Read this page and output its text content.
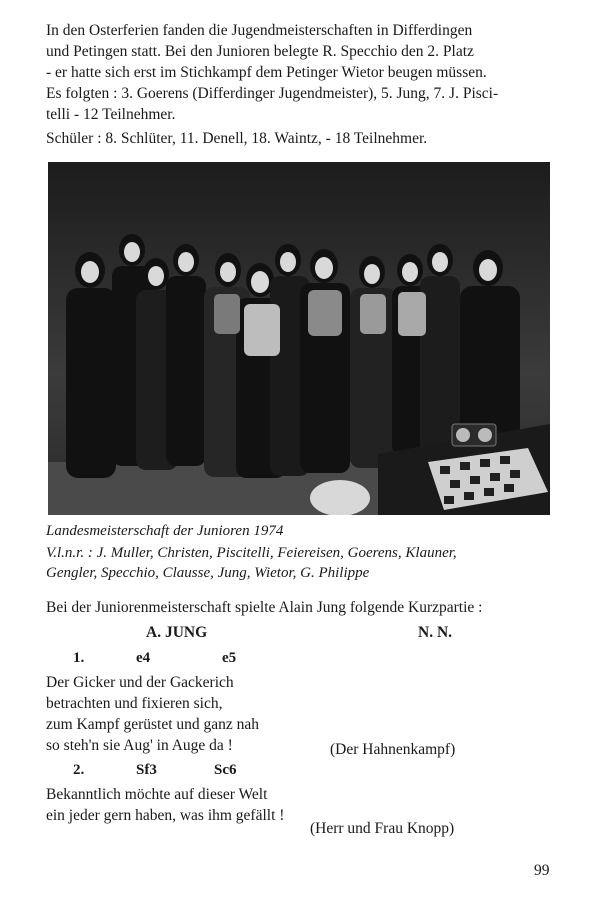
In den Osterferien fanden die Jugendmeisterschaften in Differdingen
und Petingen statt. Bei den Junioren belegte R. Specchio den 2. Platz
- er hatte sich erst im Stichkampf dem Petinger Wietor beugen müssen.
Es folgten : 3. Goerens (Differdinger Jugendmeister), 5. Jung, 7. J. Pisci-
telli - 12 Teilnehmer.

Schüler : 8. Schlüter, 11. Denell, 18. Waintz, - 18 Teilnehmer.

Landesmeisterschaft der Junioren 1974

V.l.n.r. : J. Muller, Christen, Piscitelli, Feiereisen, Goerens, Klauner,
Gengler, Specchio, Clausse, Jung, Wietor, G. Philippe

Bei der Juniorenmeisterschaft spielte Alain Jung folgende Kurzpartie :
A. JUNG	N. N.
1.	e4	e5
Der Gicker und der Gackerich
betrachten und fixieren sich,
zum Kampf gerüstet und ganz nah
so steh'n sie Aug' in Auge da !	(Der Hahnenkampf)
2.	Sf3	Sc6
Bekanntlich möchte auf dieser Welt
ein jeder gern haben, was ihm gefällt !
(Herr und Frau Knopp)
99
